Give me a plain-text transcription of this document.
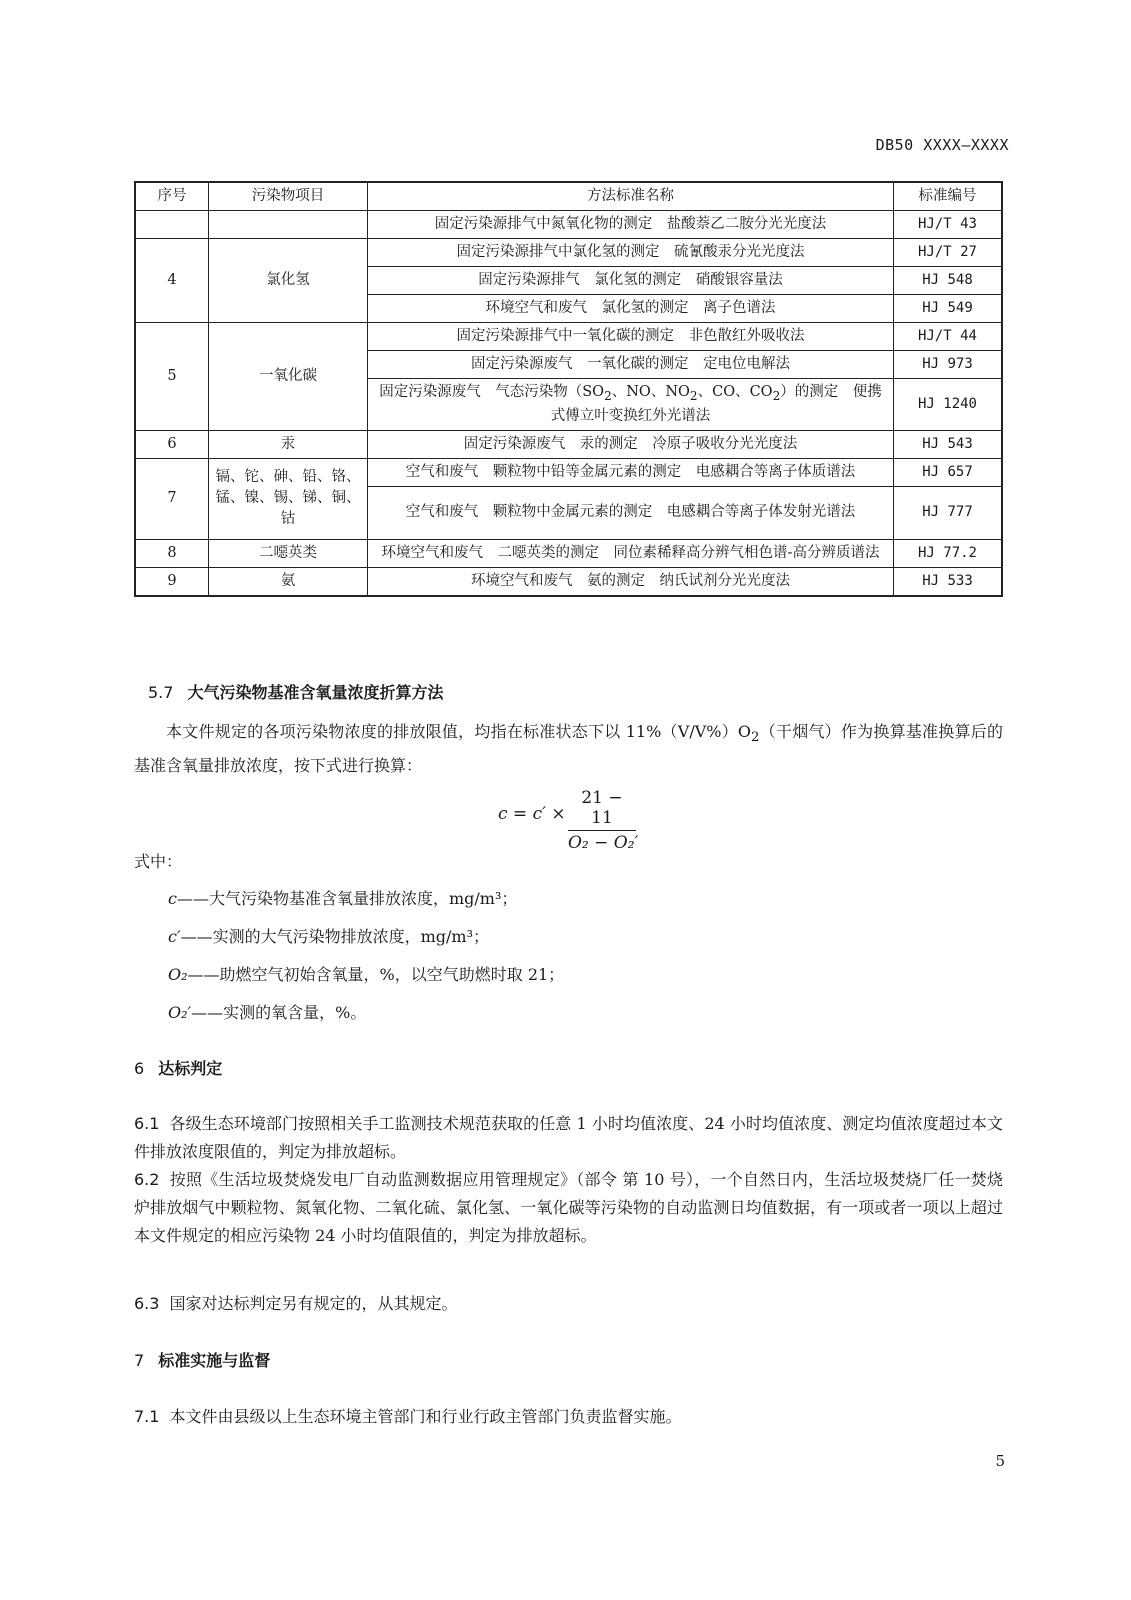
DB50 XXXX—XXXX
序号	污染物项目	方法标准名称	标准编号
		固定污染源排气中氮氧化物的测定　盐酸萘乙二胺分光光度法	HJ/T 43
4	氯化氢	固定污染源排气中氯化氢的测定　硫氰酸汞分光光度法	HJ/T 27
		固定污染源排气　氯化氢的测定　硝酸银容量法	HJ 548
		环境空气和废气　氯化氢的测定　离子色谱法	HJ 549
5	一氧化碳	固定污染源排气中一氧化碳的测定　非色散红外吸收法	HJ/T 44
		固定污染源废气　一氧化碳的测定　定电位电解法	HJ 973
		固定污染源废气　气态污染物（$SO_2$、NO、$NO_2$、CO、$CO_2$）的测定　便携式傅立叶变换红外光谱法	HJ 1240
6	汞	固定污染源废气　汞的测定　冷原子吸收分光光度法	HJ 543
7	镉、铊、砷、铅、铬、锰、镍、锡、锑、铜、钴	空气和废气　颗粒物中铅等金属元素的测定　电感耦合等离子体质谱法	HJ 657
		空气和废气　颗粒物中金属元素的测定　电感耦合等离子体发射光谱法	HJ 777
8	二噁英类	环境空气和废气　二噁英类的测定　同位素稀释高分辨气相色谱-高分辨质谱法	HJ 77.2
9	氨	环境空气和废气　氨的测定　纳氏试剂分光光度法	HJ 533
5.7 大气污染物基准含氧量浓度折算方法
本文件规定的各项污染物浓度的排放限值，均指在标准状态下以 $11\%(V/V\%)O_2$（干烟气）作为换算基准换算后的基准含氧量排放浓度，按下式进行换算：
$c = c' \times \frac{21 - 11}{\text{O₂ − O₂′}}$
式中：
c——大气污染物基准含氧量排放浓度，mg/m³；
c′——实测的大气污染物排放浓度，mg/m³；
O₂——助燃空气初始含氧量，%，以空气助燃时取 21；
O₂′——实测的氧含量，%。
6 达标判定
6.1 各级生态环境部门按照相关手工监测技术规范获取的任意 1 小时均值浓度、24 小时均值浓度、测定均值浓度超过本文件排放浓度限值的，判定为排放超标。
6.2 按照《生活垃圾焚烧发电厂自动监测数据应用管理规定》（部令 第 10 号），一个自然日内，生活垃圾焚烧厂任一焚烧炉排放烟气中颗粒物、氮氧化物、二氧化硫、氯化氢、一氧化碳等污染物的自动监测日均值数据，有一项或者一项以上超过本文件规定的相应污染物 24 小时均值限值的，判定为排放超标。
6.3 国家对达标判定另有规定的，从其规定。
7 标准实施与监督
7.1 本文件由县级以上生态环境主管部门和行业行政主管部门负责监督实施。
5
